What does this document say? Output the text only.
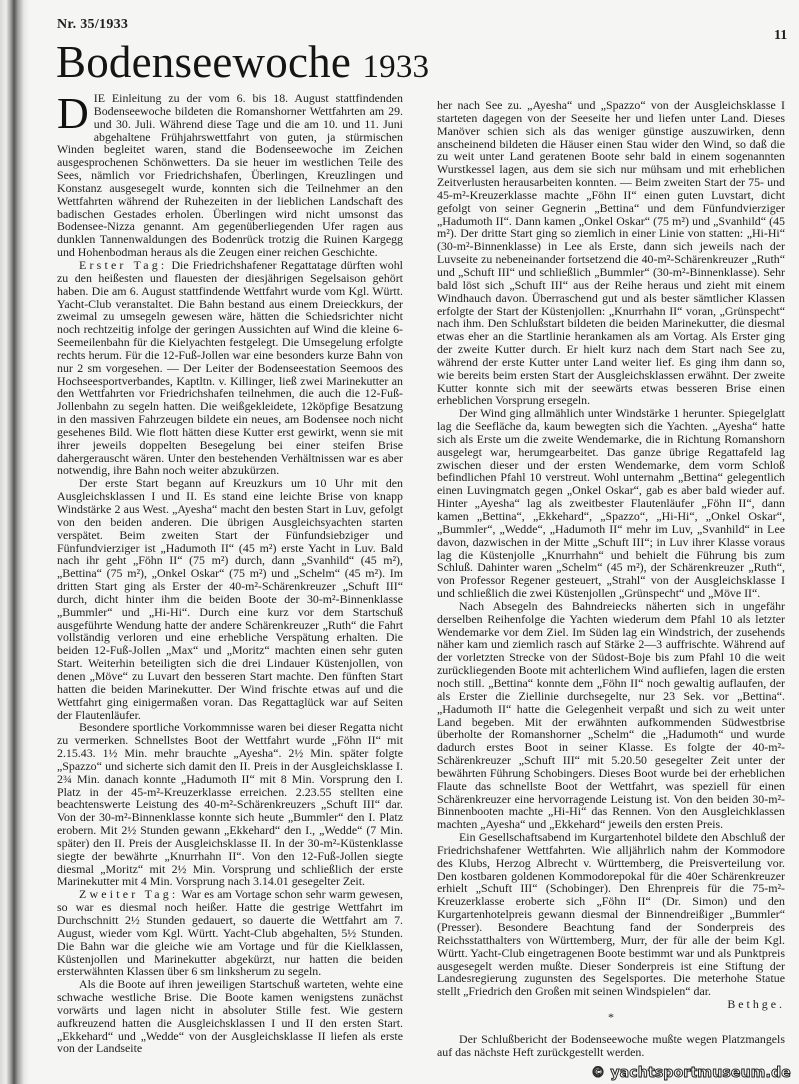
Nr. 35/1933
11
Bodenseewoche 1933

DIE Einleitung zu der vom 6. bis 18. August stattfindenden Bodenseewoche bildeten die Romanshorner Wettfahrten am 29. und 30. Juli. Während diese Tage und die am 10. und 11. Juni abgehaltene Frühjahrswettfahrt von guten, ja stürmischen Winden begleitet waren, stand die Bodenseewoche im Zeichen ausgesprochenen Schönwetters. Da sie heuer im westlichen Teile des Sees, nämlich vor Friedrichshafen, Überlingen, Kreuzlingen und Konstanz ausgesegelt wurde, konnten sich die Teilnehmer an den Wettfahrten während der Ruhezeiten in der lieblichen Landschaft des badischen Gestades erholen. Überlingen wird nicht umsonst das Bodensee-Nizza genannt. Am gegenüberliegenden Ufer ragen aus dunklen Tannenwaldungen des Bodenrück trotzig die Ruinen Kargegg und Hohenbodman heraus als die Zeugen einer reichen Geschichte.

Erster Tag: Die Friedrichshafener Regattatage dürften wohl zu den heißesten und flauesten der diesjährigen Segelsaison gehört haben. Die am 6. August stattfindende Wettfahrt wurde vom Kgl. Württ. Yacht-Club veranstaltet. Die Bahn bestand aus einem Dreieckkurs, der zweimal zu umsegeln gewesen wäre, hätten die Schiedsrichter nicht noch rechtzeitig infolge der geringen Aussichten auf Wind die kleine 6-Seemeilenbahn für die Kielyachten festgelegt. Die Umsegelung erfolgte rechts herum. Für die 12-Fuß-Jollen war eine besonders kurze Bahn von nur 2 sm vorgesehen. — Der Leiter der Bodenseestation Seemoos des Hochseesportverbandes, Kaptltn. v. Killinger, ließ zwei Marinekutter an den Wettfahrten vor Friedrichshafen teilnehmen, die auch die 12-Fuß-Jollenbahn zu segeln hatten. Die weißgekleidete, 12köpfige Besatzung in den massiven Fahrzeugen bildete ein neues, am Bodensee noch nicht gesehenes Bild. Wie flott hätten diese Kutter erst gewirkt, wenn sie mit ihrer jeweils doppelten Besegelung bei einer steifen Brise dahergerauscht wären. Unter den bestehenden Verhältnissen war es aber notwendig, ihre Bahn noch weiter abzukürzen.

Der erste Start begann auf Kreuzkurs um 10 Uhr mit den Ausgleichsklassen I und II. Es stand eine leichte Brise von knapp Windstärke 2 aus West. „Ayesha“ macht den besten Start in Luv, gefolgt von den beiden anderen. Die übrigen Ausgleichsyachten starten verspätet. Beim zweiten Start der Fünfundsiebziger und Fünfundvierziger ist „Hadumoth II“ (45 m²) erste Yacht in Luv. Bald nach ihr geht „Föhn II“ (75 m²) durch, dann „Svanhild“ (45 m²), „Bettina“ (75 m²), „Onkel Oskar“ (75 m²) und „Schelm“ (45 m²). Im dritten Start ging als Erster der 40-m²-Schärenkreuzer „Schuft III“ durch, dicht hinter ihm die beiden Boote der 30-m²-Binnenklasse „Bummler“ und „Hi-Hi“. Durch eine kurz vor dem Startschuß ausgeführte Wendung hatte der andere Schärenkreuzer „Ruth“ die Fahrt vollständig verloren und eine erhebliche Verspätung erhalten. Die beiden 12-Fuß-Jollen „Max“ und „Moritz“ machten einen sehr guten Start. Weiterhin beteiligten sich die drei Lindauer Küstenjollen, von denen „Möve“ zu Luvart den besseren Start machte. Den fünften Start hatten die beiden Marinekutter. Der Wind frischte etwas auf und die Wettfahrt ging einigermaßen voran. Das Regattaglück war auf Seiten der Flautenläufer.

Besondere sportliche Vorkommnisse waren bei dieser Regatta nicht zu vermerken. Schnellstes Boot der Wettfahrt wurde „Föhn II“ mit 2.15.43. 1½ Min. mehr brauchte „Ayesha“. 2½ Min. später folgte „Spazzo“ und sicherte sich damit den II. Preis in der Ausgleichsklasse I. 2¾ Min. danach konnte „Hadumoth II“ mit 8 Min. Vorsprung den I. Platz in der 45-m²-Kreuzerklasse erreichen. 2.23.55 stellten eine beachtenswerte Leistung des 40-m²-Schärenkreuzers „Schuft III“ dar. Von der 30-m²-Binnenklasse konnte sich heute „Bummler“ den I. Platz erobern. Mit 2½ Stunden gewann „Ekkehard“ den I., „Wedde“ (7 Min. später) den II. Preis der Ausgleichsklasse II. In der 30-m²-Küstenklasse siegte der bewährte „Knurrhahn II“. Von den 12-Fuß-Jollen siegte diesmal „Moritz“ mit 2½ Min. Vorsprung und schließlich der erste Marinekutter mit 4 Min. Vorsprung nach 3.14.01 gesegelter Zeit.

Zweiter Tag: War es am Vortage schon sehr warm gewesen, so war es diesmal noch heißer. Hatte die gestrige Wettfahrt im Durchschnitt 2½ Stunden gedauert, so dauerte die Wettfahrt am 7. August, wieder vom Kgl. Württ. Yacht-Club abgehalten, 5½ Stunden. Die Bahn war die gleiche wie am Vortage und für die Kielklassen, Küstenjollen und Marinekutter abgekürzt, nur hatten die beiden ersterwähnten Klassen über 6 sm linksherum zu segeln.

Als die Boote auf ihren jeweiligen Startschuß warteten, wehte eine schwache westliche Brise. Die Boote kamen wenigstens zunächst vorwärts und lagen nicht in absoluter Stille fest. Wie gestern aufkreuzend hatten die Ausgleichsklassen I und II den ersten Start. „Ekkehard“ und „Wedde“ von der Ausgleichsklasse II liefen als erste von der Landseite

her nach See zu. „Ayesha“ und „Spazzo“ von der Ausgleichsklasse I starteten dagegen von der Seeseite her und liefen unter Land. Dieses Manöver schien sich als das weniger günstige auszuwirken, denn anscheinend bildeten die Häuser einen Stau wider den Wind, so daß die zu weit unter Land geratenen Boote sehr bald in einem sogenannten Wurstkessel lagen, aus dem sie sich nur mühsam und mit erheblichen Zeitverlusten herausarbeiten konnten. — Beim zweiten Start der 75- und 45-m²-Kreuzerklasse machte „Föhn II“ einen guten Luvstart, dicht gefolgt von seiner Gegnerin „Bettina“ und dem Fünfundvierziger „Hadumoth II“. Dann kamen „Onkel Oskar“ (75 m²) und „Svanhild“ (45 m²). Der dritte Start ging so ziemlich in einer Linie von statten: „Hi-Hi“ (30-m²-Binnenklasse) in Lee als Erste, dann sich jeweils nach der Luvseite zu nebeneinander fortsetzend die 40-m²-Schärenkreuzer „Ruth“ und „Schuft III“ und schließlich „Bummler“ (30-m²-Binnenklasse). Sehr bald löst sich „Schuft III“ aus der Reihe heraus und zieht mit einem Windhauch davon. Überraschend gut und als bester sämtlicher Klassen erfolgte der Start der Küstenjollen: „Knurrhahn II“ voran, „Grünspecht“ nach ihm. Den Schlußstart bildeten die beiden Marinekutter, die diesmal etwas eher an die Startlinie herankamen als am Vortag. Als Erster ging der zweite Kutter durch. Er hielt kurz nach dem Start nach See zu, während der erste Kutter unter Land weiter lief. Es ging ihm dann so, wie bereits beim ersten Start der Ausgleichsklassen erwähnt. Der zweite Kutter konnte sich mit der seewärts etwas besseren Brise einen erheblichen Vorsprung ersegeln.

Der Wind ging allmählich unter Windstärke 1 herunter. Spiegelglatt lag die Seefläche da, kaum bewegten sich die Yachten. „Ayesha“ hatte sich als Erste um die zweite Wendemarke, die in Richtung Romanshorn ausgelegt war, herumgearbeitet. Das ganze übrige Regattafeld lag zwischen dieser und der ersten Wendemarke, dem vorm Schloß befindlichen Pfahl 10 verstreut. Wohl unternahm „Bettina“ gelegentlich einen Luvingmatch gegen „Onkel Oskar“, gab es aber bald wieder auf. Hinter „Ayesha“ lag als zweitbester Flautenläufer „Föhn II“, dann kamen „Bettina“, „Ekkehard“, „Spazzo“, „Hi-Hi“, „Onkel Oskar“, „Bummler“, „Wedde“, „Hadumoth II“ mehr im Luv, „Svanhild“ in Lee davon, dazwischen in der Mitte „Schuft III“; in Luv ihrer Klasse voraus lag die Küstenjolle „Knurrhahn“ und behielt die Führung bis zum Schluß. Dahinter waren „Schelm“ (45 m²), der Schärenkreuzer „Ruth“, von Professor Regener gesteuert, „Strahl“ von der Ausgleichsklasse I und schließlich die zwei Küstenjollen „Grünspecht“ und „Möve II“.

Nach Absegeln des Bahndreiecks näherten sich in ungefähr derselben Reihenfolge die Yachten wiederum dem Pfahl 10 als letzter Wendemarke vor dem Ziel. Im Süden lag ein Windstrich, der zusehends näher kam und ziemlich rasch auf Stärke 2—3 auffrischte. Während auf der vorletzten Strecke von der Südost-Boje bis zum Pfahl 10 die weit zurückliegenden Boote mit achterlichem Wind aufliefen, lagen die ersten noch still. „Bettina“ konnte dem „Föhn II“ noch gewaltig auflaufen, der als Erster die Ziellinie durchsegelte, nur 23 Sek. vor „Bettina“. „Hadumoth II“ hatte die Gelegenheit verpaßt und sich zu weit unter Land begeben. Mit der erwähnten aufkommenden Südwestbrise überholte der Romanshorner „Schelm“ die „Hadumoth“ und wurde dadurch erstes Boot in seiner Klasse. Es folgte der 40-m²-Schärenkreuzer „Schuft III“ mit 5.20.50 gesegelter Zeit unter der bewährten Führung Schobingers. Dieses Boot wurde bei der erheblichen Flaute das schnellste Boot der Wettfahrt, was speziell für einen Schärenkreuzer eine hervorragende Leistung ist. Von den beiden 30-m²-Binnenbooten machte „Hi-Hi“ das Rennen. Von den Ausgleichklassen machten „Ayesha“ und „Ekkehard“ jeweils den ersten Preis.

Ein Gesellschaftsabend im Kurgartenhotel bildete den Abschluß der Friedrichshafener Wettfahrten. Wie alljährlich nahm der Kommodore des Klubs, Herzog Albrecht v. Württemberg, die Preisverteilung vor. Den kostbaren goldenen Kommodorepokal für die 40er Schärenkreuzer erhielt „Schuft III“ (Schobinger). Den Ehrenpreis für die 75-m²-Kreuzerklasse eroberte sich „Föhn II“ (Dr. Simon) und den Kurgartenhotelpreis gewann diesmal der Binnendreißiger „Bummler“ (Presser). Besondere Beachtung fand der Sonderpreis des Reichsstatthalters von Württemberg, Murr, der für alle der beim Kgl. Württ. Yacht-Club eingetragenen Boote bestimmt war und als Punktpreis ausgesegelt werden mußte. Dieser Sonderpreis ist eine Stiftung der Landesregierung zugunsten des Segelsportes. Die meterhohe Statue stellt „Friedrich den Großen mit seinen Windspielen“ dar.

Bethge.

*

Der Schlußbericht der Bodenseewoche mußte wegen Platzmangels auf das nächste Heft zurückgestellt werden.

© yachtsportmuseum.de
